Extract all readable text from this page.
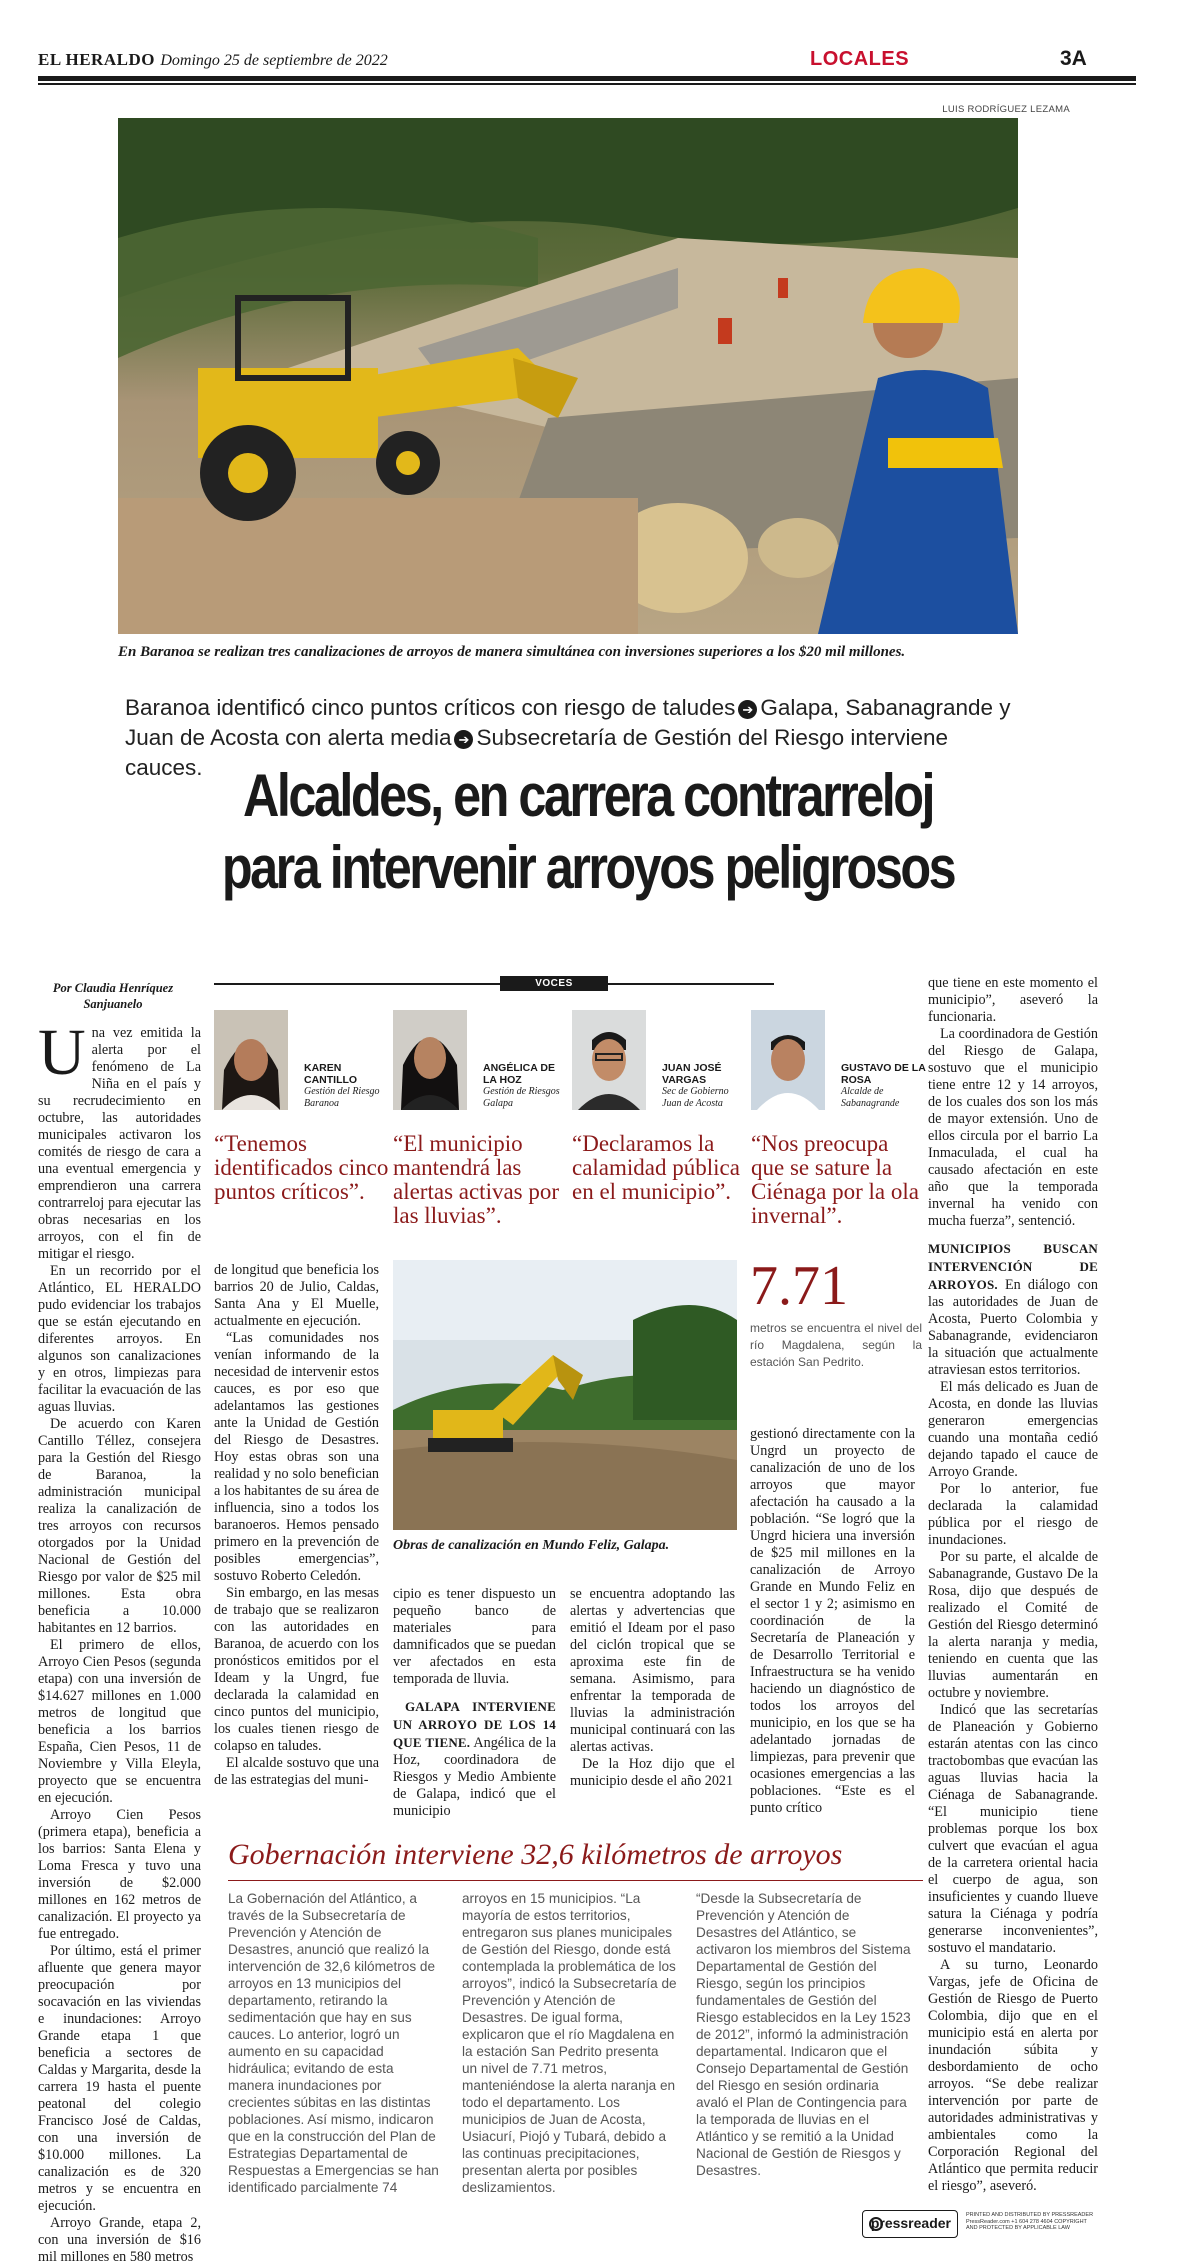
EL HERALDO Domingo 25 de septiembre de 2022	LOCALES	3A
LUIS RODRÍGUEZ LEZAMA
En Baranoa se realizan tres canalizaciones de arroyos de manera simultánea con inversiones superiores a los $20 mil millones.
Baranoa identificó cinco puntos críticos con riesgo de taludes ➔ Galapa, Sabanagrande y Juan de Acosta con alerta media ➔ Subsecretaría de Gestión del Riesgo interviene cauces. Alcaldes, en carrera contrarreloj
para intervenir arroyos peligrosos
Por Claudia Henríquez Sanjuanelo
U na vez emitida la alerta por el fenómeno de La Niña en el país y su recrudecimiento en octubre, las autoridades municipales activaron los comités de riesgo de cara a una eventual emergencia y emprendieron una carrera contrarreloj para ejecutar las obras necesarias en los arroyos, con el fin de mitigar el riesgo.

En un recorrido por el Atlántico, EL HERALDO pudo evidenciar los trabajos que se están ejecutando en diferentes arroyos. En algunos son canalizaciones y en otros, limpiezas para facilitar la evacuación de las aguas lluvias.

De acuerdo con Karen Cantillo Téllez, consejera para la Gestión del Riesgo de Baranoa, la administración municipal realiza la canalización de tres arroyos con recursos otorgados por la Unidad Nacional de Gestión del Riesgo por valor de $25 mil millones. Esta obra beneficia a 10.000 habitantes en 12 barrios.

El primero de ellos, Arroyo Cien Pesos (segunda etapa) con una inversión de $14.627 millones en 1.000 metros de longitud que beneficia a los barrios España, Cien Pesos, 11 de Noviembre y Villa Eleyla, proyecto que se encuentra en ejecución.

Arroyo Cien Pesos (primera etapa), beneficia a los barrios: Santa Elena y Loma Fresca y tuvo una inversión de $2.000 millones en 162 metros de canalización. El proyecto ya fue entregado.

Por último, está el primer afluente que genera mayor preocupación por socavación en las viviendas e inundaciones: Arroyo Grande etapa 1 que beneficia a sectores de Caldas y Margarita, desde la carrera 19 hasta el puente peatonal del colegio Francisco José de Caldas, con una inversión de $10.000 millones. La canalización es de 320 metros y se encuentra en ejecución.

Arroyo Grande, etapa 2, con una inversión de $16 mil millones en 580 metros

VOCES
KAREN CANTILLO
Gestión del Riesgo Baranoa
“Tenemos identificados cinco puntos críticos”.
ANGÉLICA DE LA HOZ
Gestión de Riesgos Galapa
“El municipio mantendrá las alertas activas por las lluvias”.
JUAN JOSÉ VARGAS
Sec de Gobierno Juan de Acosta
“Declaramos la calamidad pública en el municipio”.
GUSTAVO DE LA ROSA
Alcalde de Sabanagrande
“Nos preocupa que se sature la Ciénaga por la ola invernal”.

de longitud que beneficia los barrios 20 de Julio, Caldas, Santa Ana y El Muelle, actualmente en ejecución.

“Las comunidades nos venían informando de la necesidad de intervenir estos cauces, es por eso que adelantamos las gestiones ante la Unidad de Gestión del Riesgo de Desastres. Hoy estas obras son una realidad y no solo benefician a los habitantes de su área de influencia, sino a todos los baranoeros. Hemos pensado primero en la prevención de posibles emergencias”, sostuvo Roberto Celedón.

Sin embargo, en las mesas de trabajo que se realizaron con las autoridades en Baranoa, de acuerdo con los pronósticos emitidos por el Ideam y la Ungrd, fue declarada la calamidad en cinco puntos del municipio, los cuales tienen riesgo de colapso en taludes.

El alcalde sostuvo que una de las estrategias del muni-

Obras de canalización en Mundo Feliz, Galapa.
7.71
metros se encuentra el nivel del río Magdalena, según la estación San Pedrito.

cipio es tener dispuesto un pequeño banco de materiales para damnificados que se puedan ver afectados en esta temporada de lluvia.

GALAPA INTERVIENE UN ARROYO DE LOS 14 QUE TIENE. Angélica de la Hoz, coordinadora de Riesgos y Medio Ambiente de Galapa, indicó que el municipio

se encuentra adoptando las alertas y advertencias que emitió el Ideam por el paso del ciclón tropical que se aproxima este fin de semana. Asimismo, para enfrentar la temporada de lluvias la administración municipal continuará con las alertas activas.

De la Hoz dijo que el municipio desde el año 2021

gestionó directamente con la Ungrd un proyecto de canalización de uno de los arroyos que mayor afectación ha causado a la población. “Se logró que la Ungrd hiciera una inversión de $25 mil millones en la canalización de Arroyo Grande en Mundo Feliz en el sector 1 y 2; asimismo en coordinación de la Secretaría de Planeación y de Desarrollo Territorial e Infraestructura se ha venido haciendo un diagnóstico de todos los arroyos del municipio, en los que se ha adelantado jornadas de limpiezas, para prevenir que ocasiones emergencias a las poblaciones. “Este es el punto crítico

que tiene en este momento el municipio”, aseveró la funcionaria.

La coordinadora de Gestión del Riesgo de Galapa, sostuvo que el municipio tiene entre 12 y 14 arroyos, de los cuales dos son los más de mayor extensión. Uno de ellos circula por el barrio La Inmaculada, el cual ha causado afectación en este año que la temporada invernal ha venido con mucha fuerza”, sentenció.

MUNICIPIOS BUSCAN INTERVENCIÓN DE ARROYOS. En diálogo con las autoridades de Juan de Acosta, Puerto Colombia y Sabanagrande, evidenciaron la situación que actualmente atraviesan estos territorios.

El más delicado es Juan de Acosta, en donde las lluvias generaron emergencias cuando una montaña cedió dejando tapado el cauce de Arroyo Grande.

Por lo anterior, fue declarada la calamidad pública por el riesgo de inundaciones.

Por su parte, el alcalde de Sabanagrande, Gustavo De la Rosa, dijo que después de realizado el Comité de Gestión del Riesgo determinó la alerta naranja y media, teniendo en cuenta que las lluvias aumentarán en octubre y noviembre.

Indicó que las secretarías de Planeación y Gobierno estarán atentas con las cinco tractobombas que evacúan las aguas lluvias hacia la Ciénaga de Sabanagrande. “El municipio tiene problemas porque los box culvert que evacúan el agua de la carretera oriental hacia el cuerpo de agua, son insuficientes y cuando llueve satura la Ciénaga y podría generarse inconvenientes”, sostuvo el mandatario.

A su turno, Leonardo Vargas, jefe de Oficina de Gestión de Riesgo de Puerto Colombia, dijo que en el municipio está en alerta por inundación súbita y desbordamiento de ocho arroyos. “Se debe realizar intervención por parte de autoridades administrativas y ambientales como la Corporación Regional del Atlántico que permita reducir el riesgo”, aseveró.

Gobernación interviene 32,6 kilómetros de arroyos
La Gobernación del Atlántico, a través de la Subsecretaría de Prevención y Atención de Desastres, anunció que realizó la intervención de 32,6 kilómetros de arroyos en 13 municipios del departamento, retirando la sedimentación que hay en sus cauces. Lo anterior, logró un aumento en su capacidad hidráulica; evitando de esta manera inundaciones por crecientes súbitas en las distintas poblaciones. Así mismo, indicaron que en la construcción del Plan de Estrategias Departamental de Respuestas a Emergencias se han identificado parcialmente 74
arroyos en 15 municipios. “La mayoría de estos territorios, entregaron sus planes municipales de Gestión del Riesgo, donde está contemplada la problemática de los arroyos”, indicó la Subsecretaría de Prevención y Atención de Desastres. De igual forma, explicaron que el río Magdalena en la estación San Pedrito presenta un nivel de 7.71 metros, manteniéndose la alerta naranja en todo el departamento. Los municipios de Juan de Acosta, Usiacurí, Piojó y Tubará, debido a las continuas precipitaciones, presentan alerta por posibles deslizamientos.
“Desde la Subsecretaría de Prevención y Atención de Desastres del Atlántico, se activaron los miembros del Sistema Departamental de Gestión del Riesgo, según los principios fundamentales de Gestión del Riesgo establecidos en la Ley 1523 de 2012”, informó la administración departamental. Indicaron que el Consejo Departamental de Gestión del Riesgo en sesión ordinaria avaló el Plan de Contingencia para la temporada de lluvias en el Atlántico y se remitió a la Unidad Nacional de Gestión de Riesgos y Desastres.
pressreader	PRINTED AND DISTRIBUTED BY PRESSREADER PressReader.com +1 604 278 4604 COPYRIGHT AND PROTECTED BY APPLICABLE LAW
